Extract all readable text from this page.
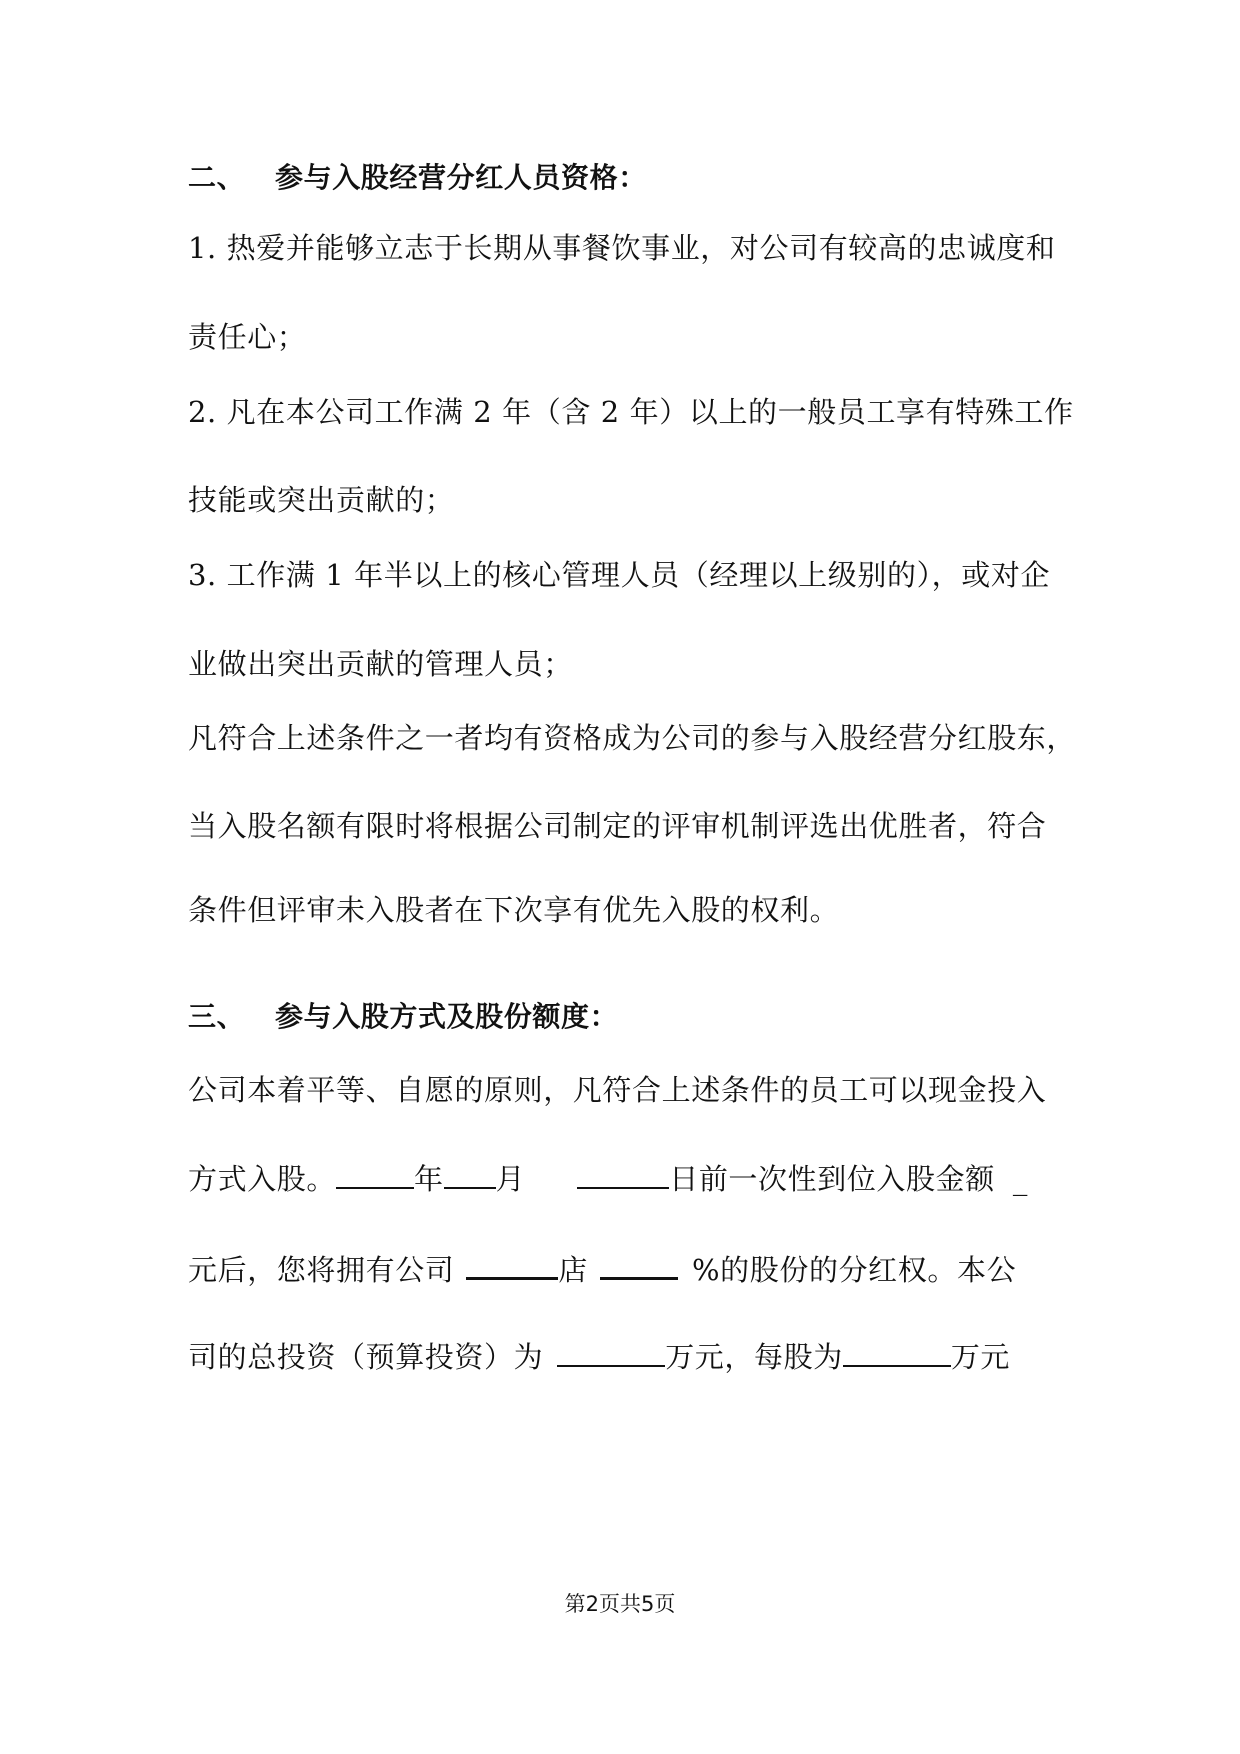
二、 参与入股经营分红人员资格：
1. 热爱并能够立志于长期从事餐饮事业，对公司有较高的忠诚度和
责任心；
2. 凡在本公司工作满 2 年（含 2 年）以上的一般员工享有特殊工作
技能或突出贡献的；
3. 工作满 1 年半以上的核心管理人员（经理以上级别的），或对企
业做出突出贡献的管理人员；
凡符合上述条件之一者均有资格成为公司的参与入股经营分红股东，
当入股名额有限时将根据公司制定的评审机制评选出优胜者，符合
条件但评审未入股者在下次享有优先入股的权利。
三、 参与入股方式及股份额度：
公司本着平等、自愿的原则，凡符合上述条件的员工可以现金投入
方式入股。	年 月	日前一次性到位入股金额 _
元后，您将拥有公司	店	%的股份的分红权。本公
司的总投资（预算投资）为	万元，每股为	万元
第2页共5页
